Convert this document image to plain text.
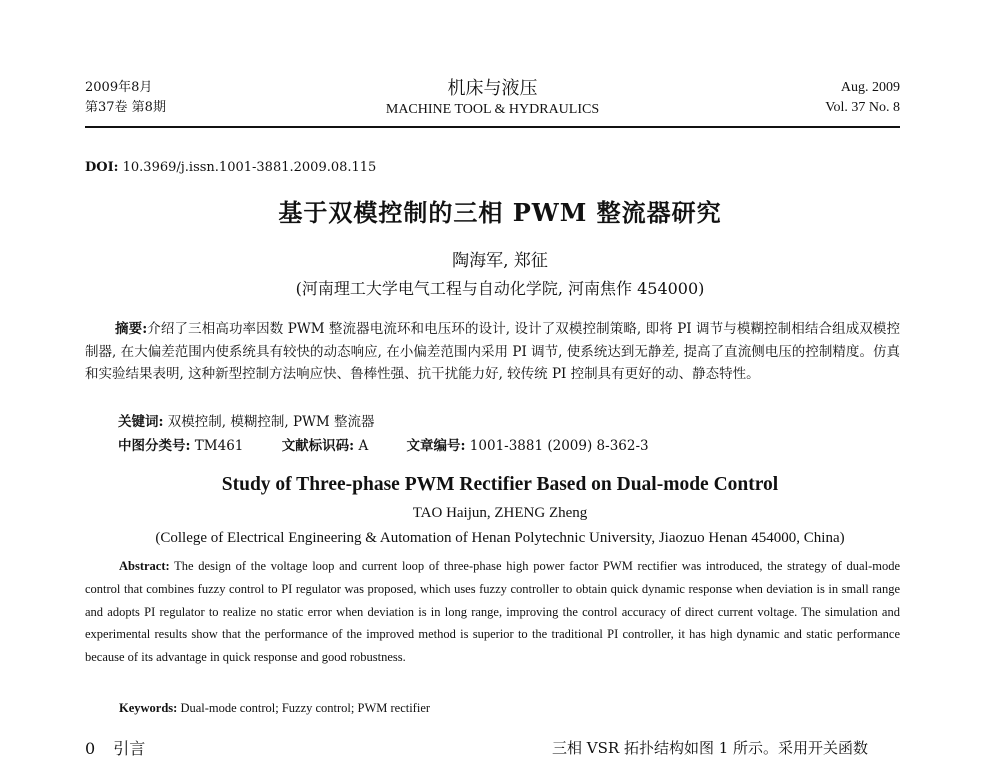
2009年8月
第37卷 第8期
机床与液压
MACHINE TOOL & HYDRAULICS
Aug. 2009
Vol. 37 No. 8
DOI: 10.3969/j.issn.1001-3881.2009.08.115
基于双模控制的三相 PWM 整流器研究
陶海军, 郑征
(河南理工大学电气工程与自动化学院, 河南焦作 454000)

摘要:介绍了三相高功率因数 PWM 整流器电流环和电压环的设计, 设计了双模控制策略, 即将 PI 调节与模糊控制相结合组成双模控制器, 在大偏差范围内使系统具有较快的动态响应, 在小偏差范围内采用 PI 调节, 使系统达到无静差, 提高了直流侧电压的控制精度。仿真和实验结果表明, 这种新型控制方法响应快、鲁棒性强、抗干扰能力好, 较传统 PI 控制具有更好的动、静态特性。

关键词: 双模控制, 模糊控制, PWM 整流器
中图分类号: TM461	文献标识码: A	文章编号: 1001-3881 (2009) 8-362-3
Study of Three-phase PWM Rectifier Based on Dual-mode Control
TAO Haijun, ZHENG Zheng
(College of Electrical Engineering & Automation of Henan Polytechnic University, Jiaozuo Henan 454000, China)

Abstract: The design of the voltage loop and current loop of three-phase high power factor PWM rectifier was introduced, the strategy of dual-mode control that combines fuzzy control to PI regulator was proposed, which uses fuzzy controller to obtain quick dynamic response when deviation is in small range and adopts PI regulator to realize no static error when deviation is in long range, improving the control accuracy of direct current voltage. The simulation and experimental results show that the performance of the improved method is superior to the traditional PI controller, it has high dynamic and static performance because of its advantage in quick response and good robustness.

Keywords: Dual-mode control; Fuzzy control; PWM rectifier
0 引言	三相 VSR 拓扑结构如图 1 所示。采用开关函数
